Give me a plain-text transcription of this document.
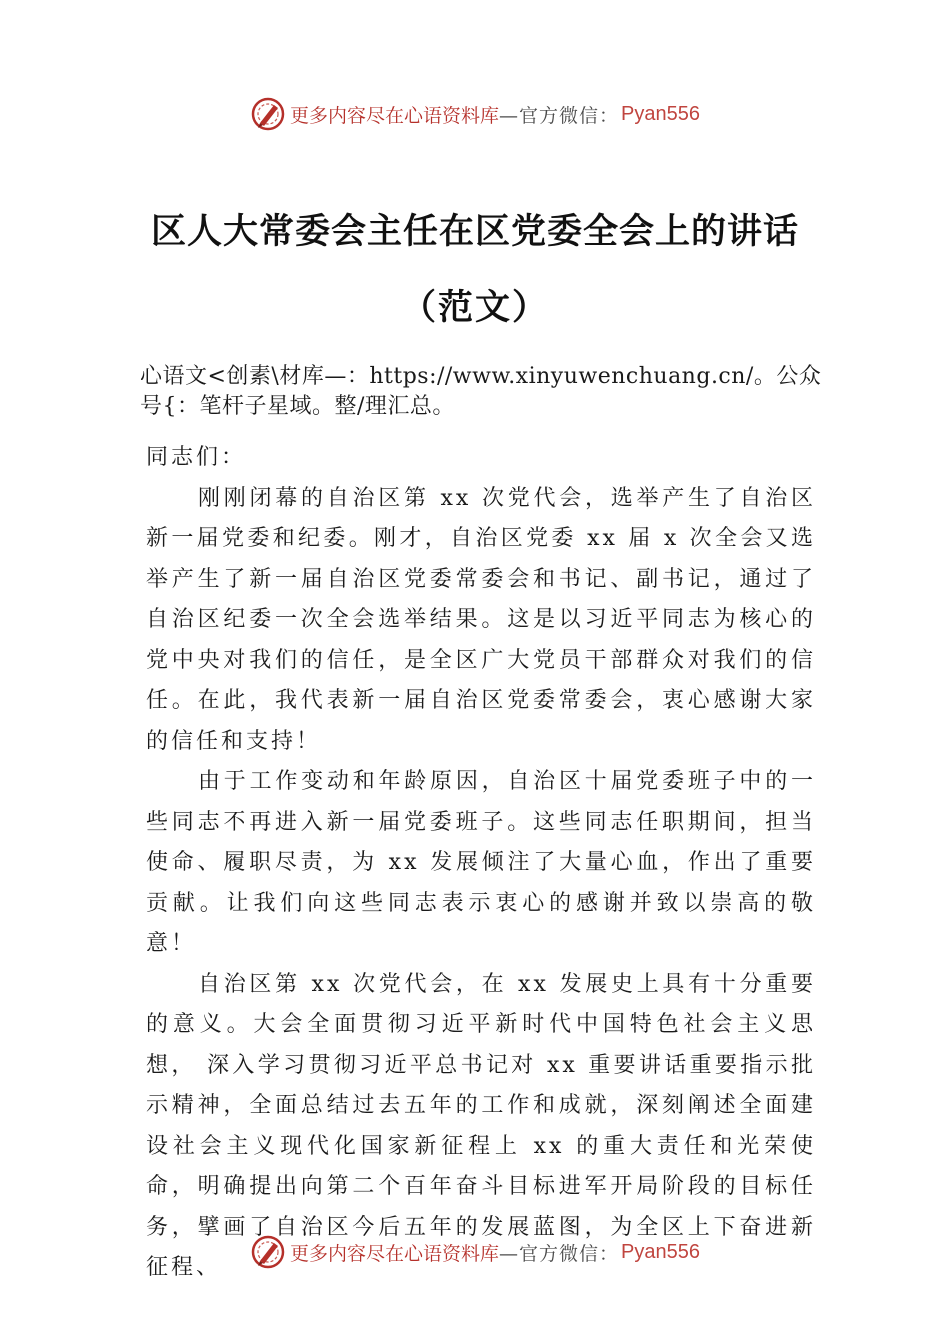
更多内容尽在心语资料库 —官方微信： Pyan556
区人大常委会主任在区党委全会上的讲话
（范文）

心语文<创素\材库—：https://www.xinyuwenchuang.cn/。公众号{：笔杆子星域。整/理汇总。

同志们：

刚刚闭幕的自治区第 xx 次党代会，选举产生了自治区新一届党委和纪委。刚才，自治区党委 xx 届 x 次全会又选举产生了新一届自治区党委常委会和书记、副书记，通过了自治区纪委一次全会选举结果。这是以习近平同志为核心的党中央对我们的信任，是全区广大党员干部群众对我们的信任。在此，我代表新一届自治区党委常委会，衷心感谢大家的信任和支持！

由于工作变动和年龄原因，自治区十届党委班子中的一些同志不再进入新一届党委班子。这些同志任职期间，担当使命、履职尽责，为 xx 发展倾注了大量心血，作出了重要贡献。让我们向这些同志表示衷心的感谢并致以崇高的敬意！

自治区第 xx 次党代会，在 xx 发展史上具有十分重要的意义。大会全面贯彻习近平新时代中国特色社会主义思想， 深入学习贯彻习近平总书记对 xx 重要讲话重要指示批示精神，全面总结过去五年的工作和成就，深刻阐述全面建设社会主义现代化国家新征程上 xx 的重大责任和光荣使命，明确提出向第二个百年奋斗目标进军开局阶段的目标任务，擘画了自治区今后五年的发展蓝图，为全区上下奋进新征程、

更多内容尽在心语资料库 —官方微信： Pyan556
